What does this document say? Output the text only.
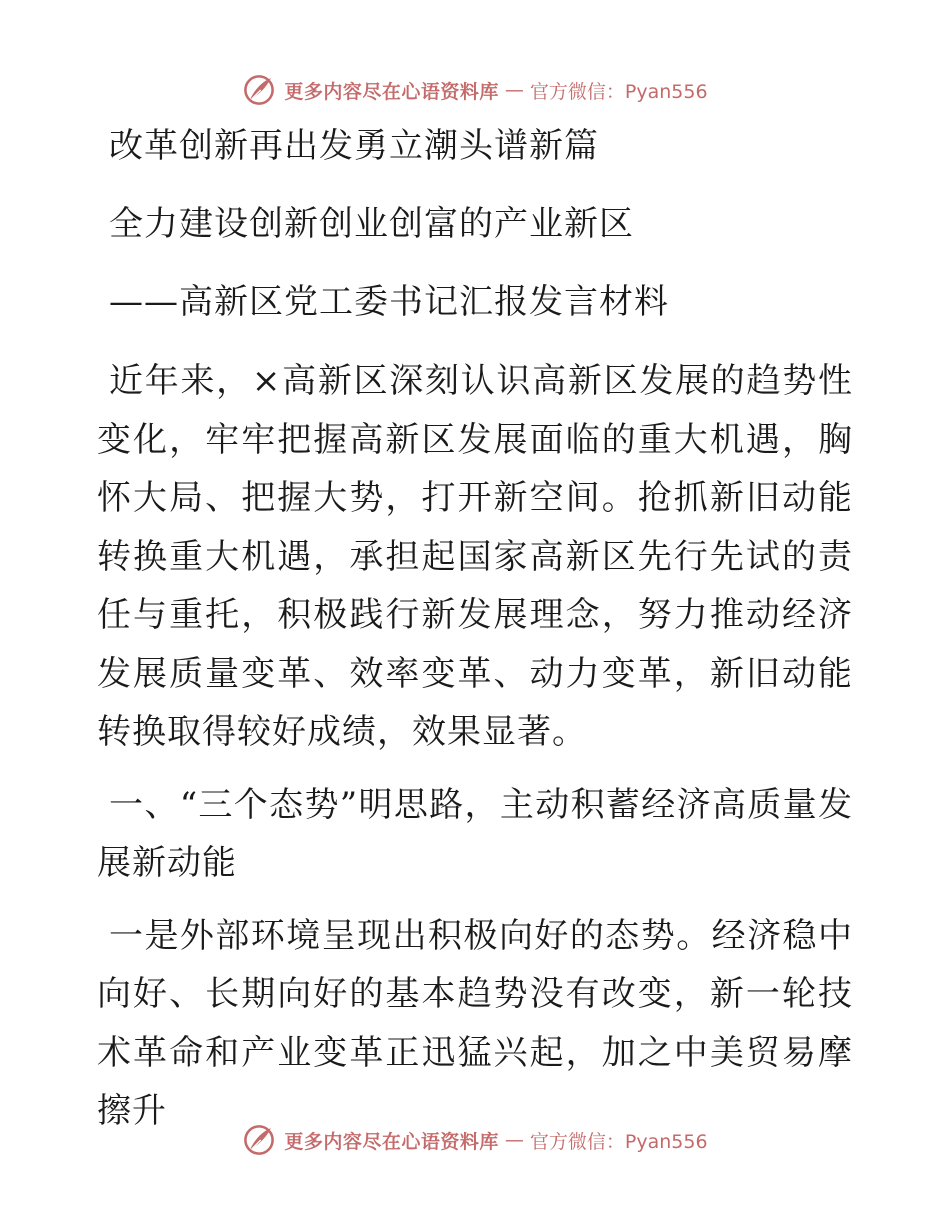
更多内容尽在心语资料库 — 官方微信：Pyan556
改革创新再出发勇立潮头谱新篇
全力建设创新创业创富的产业新区
——高新区党工委书记汇报发言材料

近年来，×高新区深刻认识高新区发展的趋势性变化，牢牢把握高新区发展面临的重大机遇，胸怀大局、把握大势，打开新空间。抢抓新旧动能转换重大机遇，承担起国家高新区先行先试的责任与重托，积极践行新发展理念，努力推动经济发展质量变革、效率变革、动力变革，新旧动能转换取得较好成绩，效果显著。

一、“三个态势”明思路，主动积蓄经济高质量发展新动能

一是外部环境呈现出积极向好的态势。经济稳中向好、长期向好的基本趋势没有改变，新一轮技术革命和产业变革正迅猛兴起，加之中美贸易摩擦升

更多内容尽在心语资料库 — 官方微信：Pyan556
